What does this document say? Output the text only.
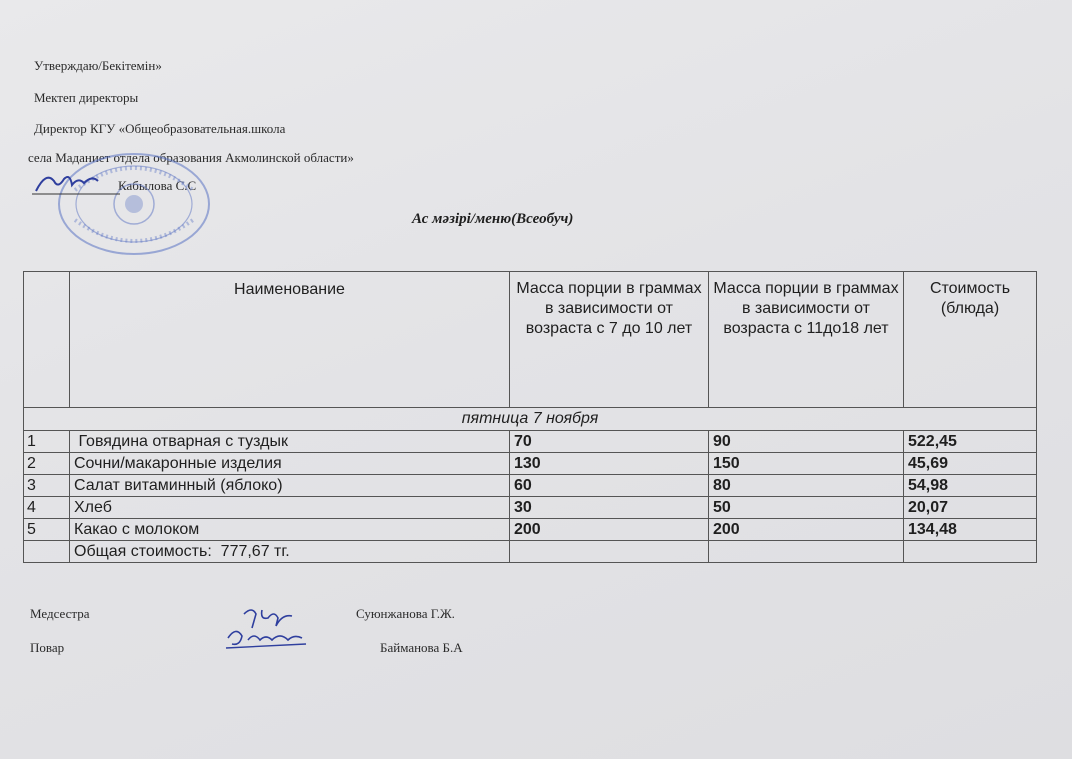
Утверждаю/Бекітемін»
Мектеп директоры
Директор КГУ «Общеобразовательная.школа
села Маданиет отдела образования Акмолинской области»
Кабылова С.С
Ас мәзірі/меню(Всеобуч)
	Наименование	Масса порции в граммах в зависимости от возраста с 7 до 10 лет	Масса порции в граммах в зависимости от возраста с 11до18 лет	Стоимость (блюда)
пятница 7 ноября				
1	Говядина отварная с туздык	70	90	522,45
2	Сочни/макаронные изделия	130	150	45,69
3	Салат витаминный (яблоко)	60	80	54,98
4	Хлеб	30	50	20,07
5	Какао с молоком	200	200	134,48
	Общая стоимость:  777,67 тг.			
Медсестра	Суюнжанова Г.Ж.
Повар	Байманова Б.А
